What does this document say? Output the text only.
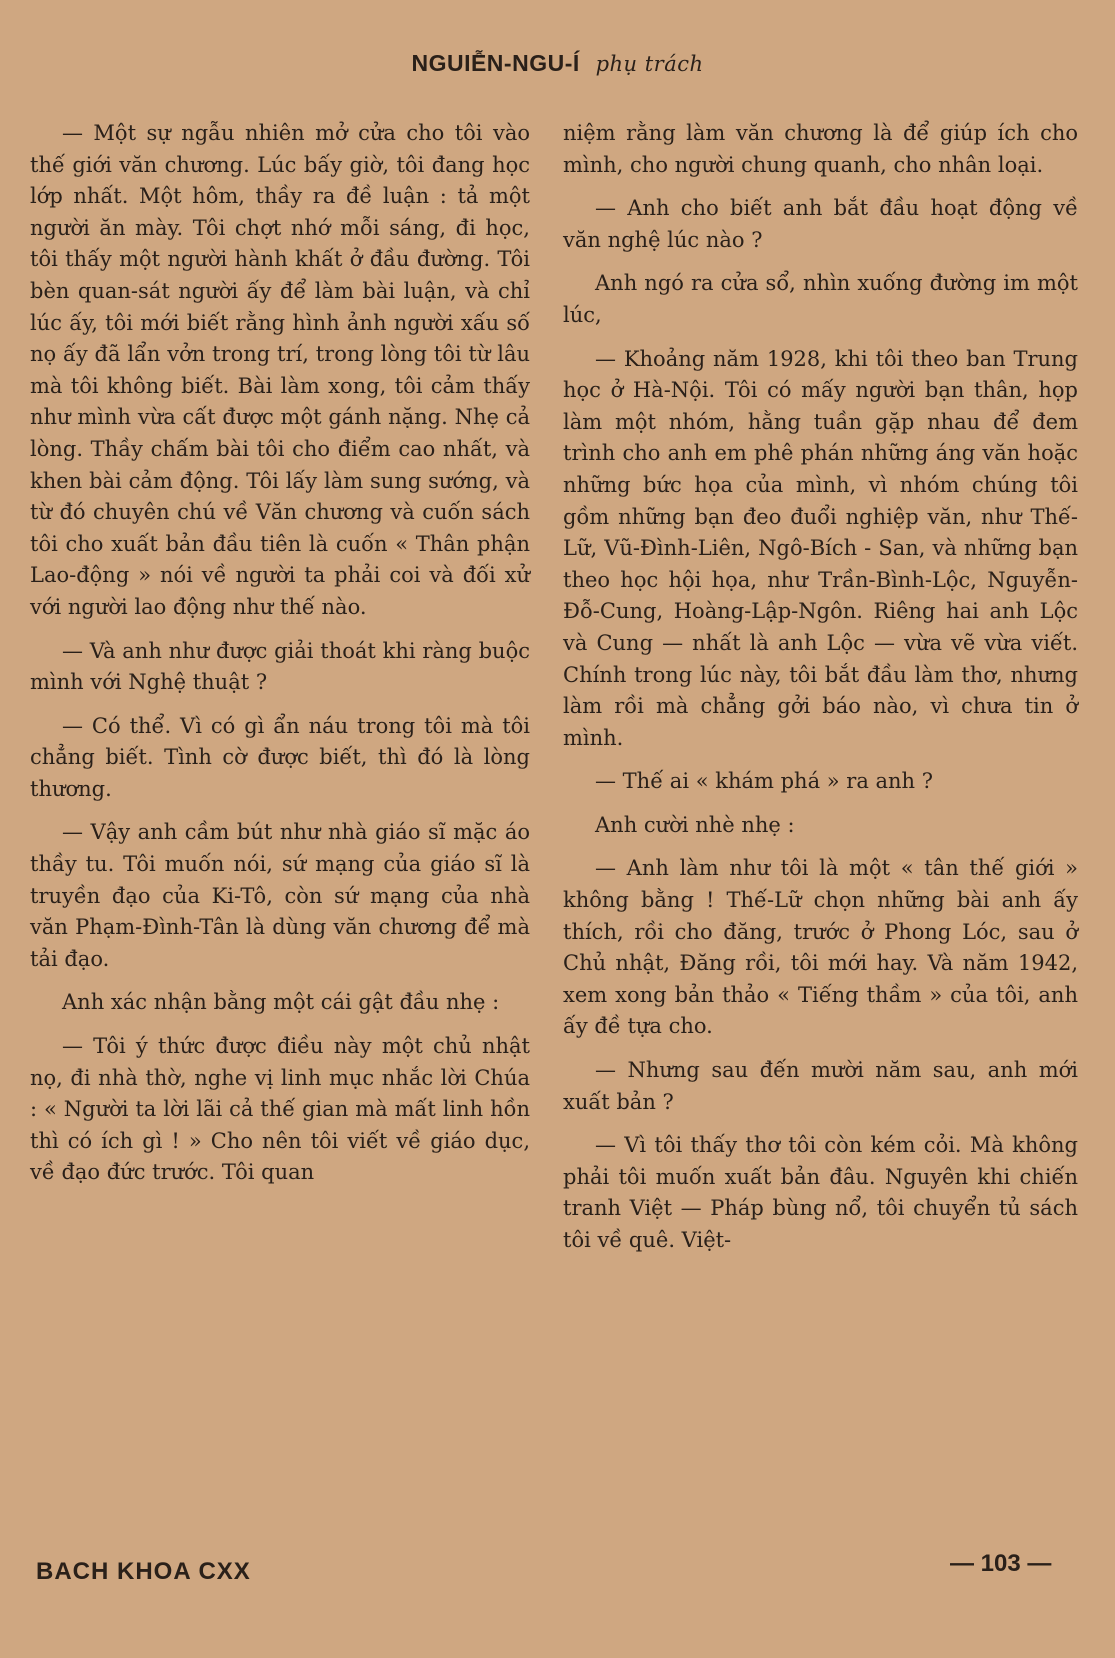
NGUIỄN-NGU-Í phụ trách

— Một sự ngẫu nhiên mở cửa cho tôi vào thế giới văn chương. Lúc bấy giờ, tôi đang học lớp nhất. Một hôm, thầy ra đề luận : tả một người ăn mày. Tôi chợt nhớ mỗi sáng, đi học, tôi thấy một người hành khất ở đầu đường. Tôi bèn quan-sát người ấy để làm bài luận, và chỉ lúc ấy, tôi mới biết rằng hình ảnh người xấu số nọ ấy đã lẩn vởn trong trí, trong lòng tôi từ lâu mà tôi không biết. Bài làm xong, tôi cảm thấy như mình vừa cất được một gánh nặng. Nhẹ cả lòng. Thầy chấm bài tôi cho điểm cao nhất, và khen bài cảm động. Tôi lấy làm sung sướng, và từ đó chuyên chú về Văn chương và cuốn sách tôi cho xuất bản đầu tiên là cuốn « Thân phận Lao-động » nói về người ta phải coi và đối xử với người lao động như thế nào.

— Và anh như được giải thoát khi ràng buộc mình với Nghệ thuật ?

— Có thể. Vì có gì ẩn náu trong tôi mà tôi chẳng biết. Tình cờ được biết, thì đó là lòng thương.

— Vậy anh cầm bút như nhà giáo sĩ mặc áo thầy tu. Tôi muốn nói, sứ mạng của giáo sĩ là truyền đạo của Ki-Tô, còn sứ mạng của nhà văn Phạm-Đình-Tân là dùng văn chương để mà tải đạo.

Anh xác nhận bằng một cái gật đầu nhẹ :

— Tôi ý thức được điều này một chủ nhật nọ, đi nhà thờ, nghe vị linh mục nhắc lời Chúa : « Người ta lời lãi cả thế gian mà mất linh hồn thì có ích gì ! » Cho nên tôi viết về giáo dục, về đạo đức trước. Tôi quan

niệm rằng làm văn chương là để giúp ích cho mình, cho người chung quanh, cho nhân loại.

— Anh cho biết anh bắt đầu hoạt động về văn nghệ lúc nào ?

Anh ngó ra cửa sổ, nhìn xuống đường im một lúc,

— Khoảng năm 1928, khi tôi theo ban Trung học ở Hà-Nội. Tôi có mấy người bạn thân, họp làm một nhóm, hằng tuần gặp nhau để đem trình cho anh em phê phán những áng văn hoặc những bức họa của mình, vì nhóm chúng tôi gồm những bạn đeo đuổi nghiệp văn, như Thế-Lữ, Vũ-Đình-Liên, Ngô-Bích - San, và những bạn theo học hội họa, như Trần-Bình-Lộc, Nguyễn-Đỗ-Cung, Hoàng-Lập-Ngôn. Riêng hai anh Lộc và Cung — nhất là anh Lộc — vừa vẽ vừa viết. Chính trong lúc này, tôi bắt đầu làm thơ, nhưng làm rồi mà chẳng gởi báo nào, vì chưa tin ở mình.

— Thế ai « khám phá » ra anh ?

Anh cười nhè nhẹ :

— Anh làm như tôi là một « tân thế giới » không bằng ! Thế-Lữ chọn những bài anh ấy thích, rồi cho đăng, trước ở Phong Lóc, sau ở Chủ nhật, Đăng rồi, tôi mới hay. Và năm 1942, xem xong bản thảo « Tiếng thầm » của tôi, anh ấy đề tựa cho.

— Nhưng sau đến mười năm sau, anh mới xuất bản ?

— Vì tôi thấy thơ tôi còn kém cỏi. Mà không phải tôi muốn xuất bản đâu. Nguyên khi chiến tranh Việt — Pháp bùng nổ, tôi chuyển tủ sách tôi về quê. Việt-

BACH KHOA CXX	— 103 —
